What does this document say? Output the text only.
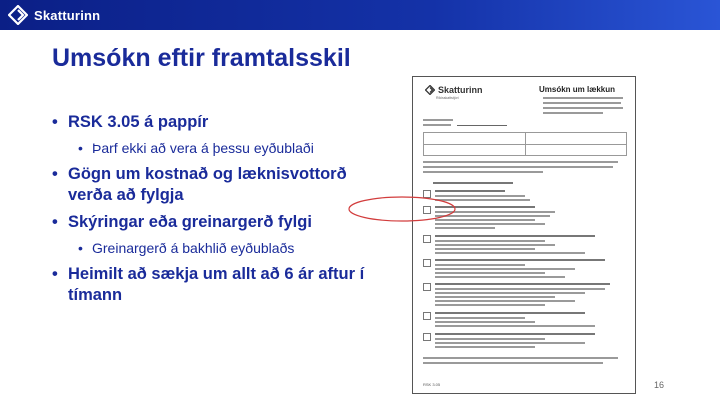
Skatturinn
Umsókn eftir framtalsskil
• RSK 3.05 á pappír
• Þarf ekki að vera á þessu eyðublaði
• Gögn um kostnað og læknisvottorð verða að fylgja
• Skýringar eða greinargerð fylgi
• Greinargerð á bakhlið eyðublaðs
• Heimilt að sækja um allt að 6 ár aftur í tímann
Skatturinn
Ríkisskattstjóri
Umsókn um lækkun
RSK 3.05	16
